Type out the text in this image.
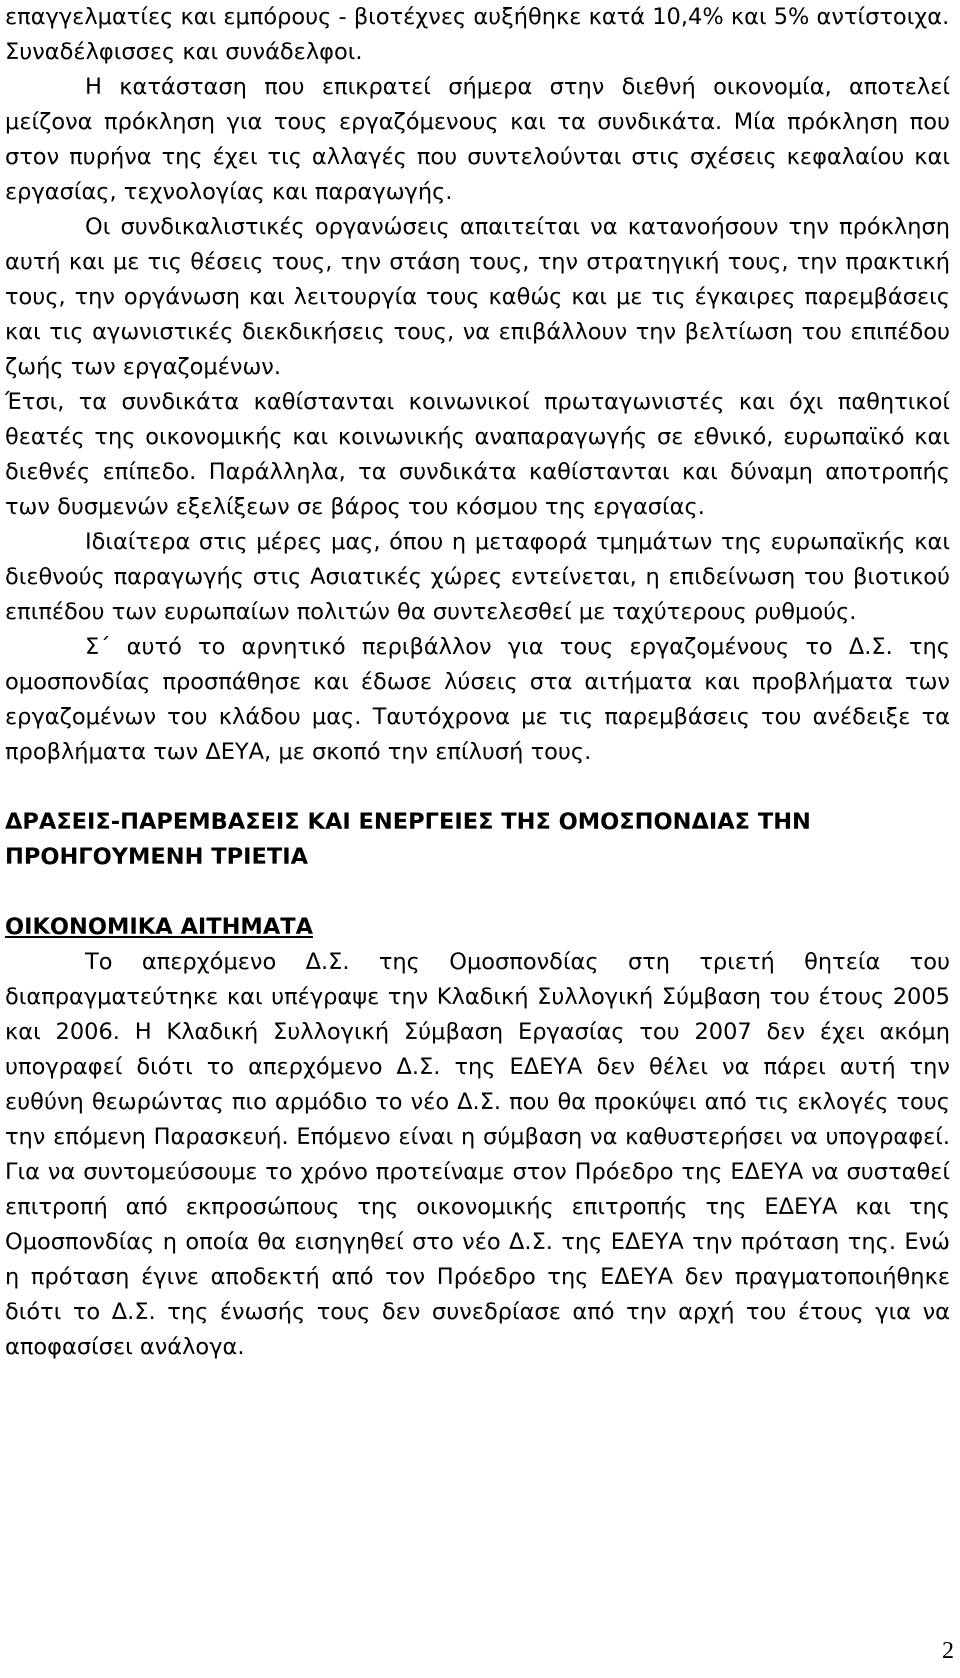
επαγγελματίες και εμπόρους - βιοτέχνες αυξήθηκε κατά 10,4% και 5% αντίστοιχα.

Συναδέλφισσες και συνάδελφοι.

Η κατάσταση που επικρατεί σήμερα στην διεθνή οικονομία, αποτελεί μείζονα πρόκληση για τους εργαζόμενους και τα συνδικάτα. Μία πρόκληση που στον πυρήνα της έχει τις αλλαγές που συντελούνται στις σχέσεις κεφαλαίου και εργασίας, τεχνολογίας και παραγωγής.

Οι συνδικαλιστικές οργανώσεις απαιτείται να κατανοήσουν την πρόκληση αυτή και με τις θέσεις τους, την στάση τους, την στρατηγική τους, την πρακτική τους, την οργάνωση και λειτουργία τους καθώς και με τις έγκαιρες παρεμβάσεις και τις αγωνιστικές διεκδικήσεις τους, να επιβάλλουν την βελτίωση του επιπέδου ζωής των εργαζομένων.

Έτσι, τα συνδικάτα καθίστανται κοινωνικοί πρωταγωνιστές και όχι παθητικοί θεατές της οικονομικής και κοινωνικής αναπαραγωγής σε εθνικό, ευρωπαϊκό και διεθνές επίπεδο. Παράλληλα, τα συνδικάτα καθίστανται και δύναμη αποτροπής των δυσμενών εξελίξεων σε βάρος του κόσμου της εργασίας.

Ιδιαίτερα στις μέρες μας, όπου η μεταφορά τμημάτων της ευρωπαϊκής και διεθνούς παραγωγής στις Ασιατικές χώρες εντείνεται, η επιδείνωση του βιοτικού επιπέδου των ευρωπαίων πολιτών θα συντελεσθεί με ταχύτερους ρυθμούς.

Σ΄ αυτό το αρνητικό περιβάλλον για τους εργαζομένους το Δ.Σ. της ομοσπονδίας προσπάθησε και έδωσε λύσεις στα αιτήματα και προβλήματα των εργαζομένων του κλάδου μας. Ταυτόχρονα με τις παρεμβάσεις του ανέδειξε τα προβλήματα των ΔΕΥΑ, με σκοπό την επίλυσή τους.

ΔΡΑΣΕΙΣ-ΠΑΡΕΜΒΑΣΕΙΣ ΚΑΙ ΕΝΕΡΓΕΙΕΣ ΤΗΣ ΟΜΟΣΠΟΝΔΙΑΣ ΤΗΝ ΠΡΟΗΓΟΥΜΕΝΗ ΤΡΙΕΤΙΑ

ΟΙΚΟΝΟΜΙΚΑ ΑΙΤΗΜΑΤΑ

Το απερχόμενο Δ.Σ. της Ομοσπονδίας στη τριετή θητεία του διαπραγματεύτηκε και υπέγραψε την Κλαδική Συλλογική Σύμβαση του έτους 2005 και 2006. Η Κλαδική Συλλογική Σύμβαση Εργασίας του 2007 δεν έχει ακόμη υπογραφεί διότι το απερχόμενο Δ.Σ. της ΕΔΕΥΑ δεν θέλει να πάρει αυτή την ευθύνη θεωρώντας πιο αρμόδιο το νέο Δ.Σ. που θα προκύψει από τις εκλογές τους την επόμενη Παρασκευή. Επόμενο είναι η σύμβαση να καθυστερήσει να υπογραφεί. Για να συντομεύσουμε το χρόνο προτείναμε στον Πρόεδρο της ΕΔΕΥΑ να συσταθεί επιτροπή από εκπροσώπους της οικονομικής επιτροπής της ΕΔΕΥΑ και της Ομοσπονδίας η οποία θα εισηγηθεί στο νέο Δ.Σ. της ΕΔΕΥΑ την πρόταση της. Ενώ η πρόταση έγινε αποδεκτή από τον Πρόεδρο της ΕΔΕΥΑ δεν πραγματοποιήθηκε διότι το Δ.Σ. της ένωσής τους δεν συνεδρίασε από την αρχή του έτους για να αποφασίσει ανάλογα.

2
